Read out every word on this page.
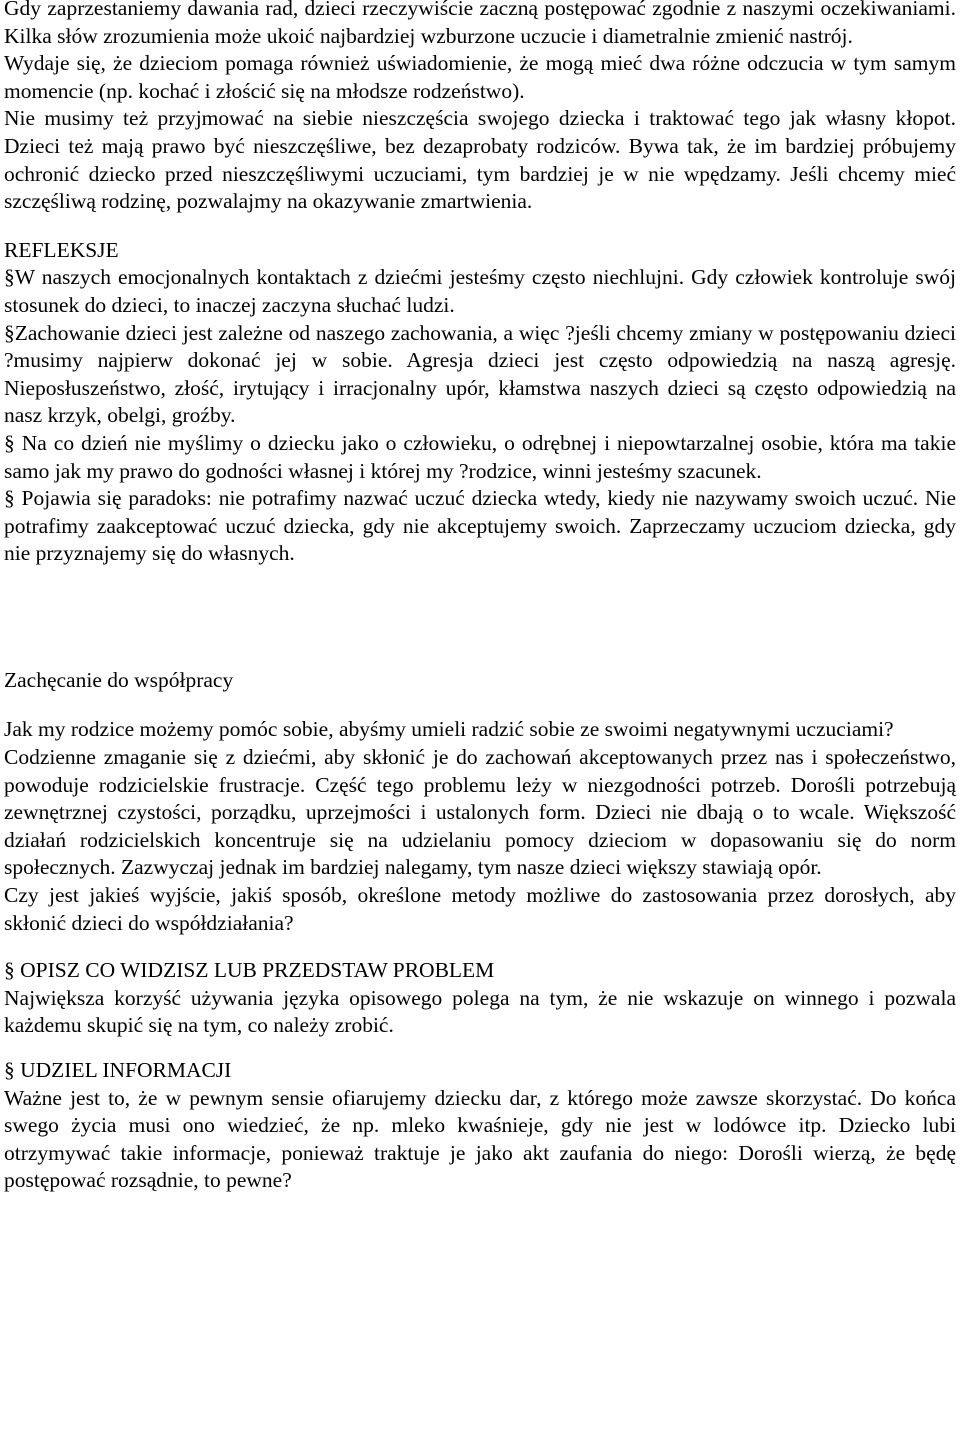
Gdy zaprzestaniemy dawania rad, dzieci rzeczywiście zaczną postępować zgodnie z naszymi oczekiwaniami. Kilka słów zrozumienia może ukoić najbardziej wzburzone uczucie i diametralnie zmienić nastrój.

Wydaje się, że dzieciom pomaga również uświadomienie, że mogą mieć dwa różne odczucia w tym samym momencie (np. kochać i złościć się na młodsze rodzeństwo).

Nie musimy też przyjmować na siebie nieszczęścia swojego dziecka i traktować tego jak własny kłopot. Dzieci też mają prawo być nieszczęśliwe, bez dezaprobaty rodziców. Bywa tak, że im bardziej próbujemy ochronić dziecko przed nieszczęśliwymi uczuciami, tym bardziej je w nie wpędzamy. Jeśli chcemy mieć szczęśliwą rodzinę, pozwalajmy na okazywanie zmartwienia.

REFLEKSJE

§W naszych emocjonalnych kontaktach z dziećmi jesteśmy często niechlujni. Gdy człowiek kontroluje swój stosunek do dzieci, to inaczej zaczyna słuchać ludzi.

§Zachowanie dzieci jest zależne od naszego zachowania, a więc ?jeśli chcemy zmiany w postępowaniu dzieci ?musimy najpierw dokonać jej w sobie. Agresja dzieci jest często odpowiedzią na naszą agresję. Nieposłuszeństwo, złość, irytujący i irracjonalny upór, kłamstwa naszych dzieci są często odpowiedzią na nasz krzyk, obelgi, groźby.

§ Na co dzień nie myślimy o dziecku jako o człowieku, o odrębnej i niepowtarzalnej osobie, która ma takie samo jak my prawo do godności własnej i której my ?rodzice, winni jesteśmy szacunek.

§ Pojawia się paradoks: nie potrafimy nazwać uczuć dziecka wtedy, kiedy nie nazywamy swoich uczuć. Nie potrafimy zaakceptować uczuć dziecka, gdy nie akceptujemy swoich. Zaprzeczamy uczuciom dziecka, gdy nie przyznajemy się do własnych.

Zachęcanie do współpracy

Jak my rodzice możemy pomóc sobie, abyśmy umieli radzić sobie ze swoimi negatywnymi uczuciami?

Codzienne zmaganie się z dziećmi, aby skłonić je do zachowań akceptowanych przez nas i społeczeństwo, powoduje rodzicielskie frustracje. Część tego problemu leży w niezgodności potrzeb. Dorośli potrzebują zewnętrznej czystości, porządku, uprzejmości i ustalonych form. Dzieci nie dbają o to wcale. Większość działań rodzicielskich koncentruje się na udzielaniu pomocy dzieciom w dopasowaniu się do norm społecznych. Zazwyczaj jednak im bardziej nalegamy, tym nasze dzieci większy stawiają opór.

Czy jest jakieś wyjście, jakiś sposób, określone metody możliwe do zastosowania przez dorosłych, aby skłonić dzieci do współdziałania?

§ OPISZ CO WIDZISZ LUB PRZEDSTAW PROBLEM

Największa korzyść używania języka opisowego polega na tym, że nie wskazuje on winnego i pozwala każdemu skupić się na tym, co należy zrobić.

§ UDZIEL INFORMACJI

Ważne jest to, że w pewnym sensie ofiarujemy dziecku dar, z którego może zawsze skorzystać. Do końca swego życia musi ono wiedzieć, że np. mleko kwaśnieje, gdy nie jest w lodówce itp. Dziecko lubi otrzymywać takie informacje, ponieważ traktuje je jako akt zaufania do niego: Dorośli wierzą, że będę postępować rozsądnie, to pewne?
